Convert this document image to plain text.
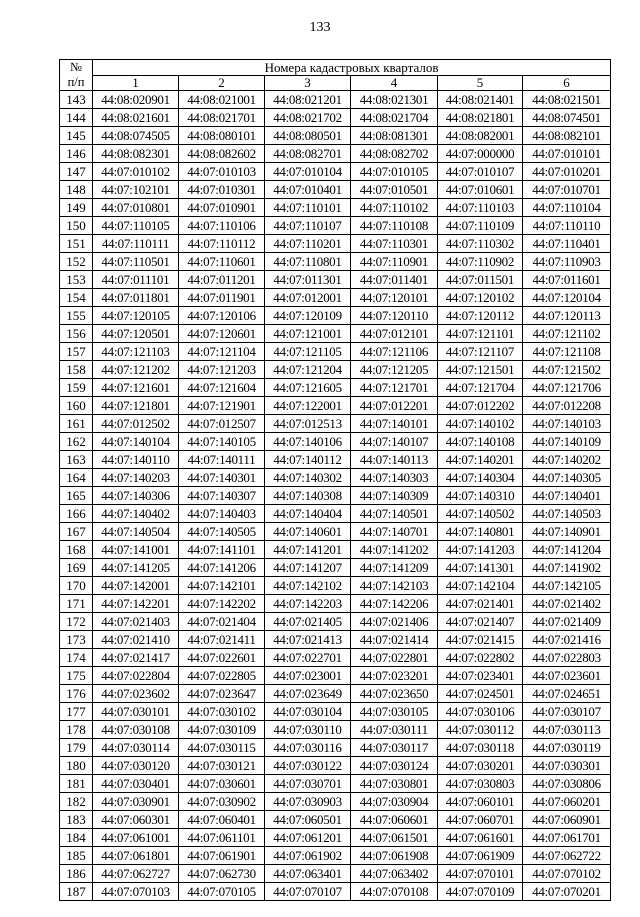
133
№
п/п	Номера кадастровых кварталов					
	1	2	3	4	5	6
143	44:08:020901	44:08:021001	44:08:021201	44:08:021301	44:08:021401	44:08:021501
144	44:08:021601	44:08:021701	44:08:021702	44:08:021704	44:08:021801	44:08:074501
145	44:08:074505	44:08:080101	44:08:080501	44:08:081301	44:08:082001	44:08:082101
146	44:08:082301	44:08:082602	44:08:082701	44:08:082702	44:07:000000	44:07:010101
147	44:07:010102	44:07:010103	44:07:010104	44:07:010105	44:07:010107	44:07:010201
148	44:07:102101	44:07:010301	44:07:010401	44:07:010501	44:07:010601	44:07:010701
149	44:07:010801	44:07:010901	44:07:110101	44:07:110102	44:07:110103	44:07:110104
150	44:07:110105	44:07:110106	44:07:110107	44:07:110108	44:07:110109	44:07:110110
151	44:07:110111	44:07:110112	44:07:110201	44:07:110301	44:07:110302	44:07:110401
152	44:07:110501	44:07:110601	44:07:110801	44:07:110901	44:07:110902	44:07:110903
153	44:07:011101	44:07:011201	44:07:011301	44:07:011401	44:07:011501	44:07:011601
154	44:07:011801	44:07:011901	44:07:012001	44:07:120101	44:07:120102	44:07:120104
155	44:07:120105	44:07:120106	44:07:120109	44:07:120110	44:07:120112	44:07:120113
156	44:07:120501	44:07:120601	44:07:121001	44:07:012101	44:07:121101	44:07:121102
157	44:07:121103	44:07:121104	44:07:121105	44:07:121106	44:07:121107	44:07:121108
158	44:07:121202	44:07:121203	44:07:121204	44:07:121205	44:07:121501	44:07:121502
159	44:07:121601	44:07:121604	44:07:121605	44:07:121701	44:07:121704	44:07:121706
160	44:07:121801	44:07:121901	44:07:122001	44:07:012201	44:07:012202	44:07:012208
161	44:07:012502	44:07:012507	44:07:012513	44:07:140101	44:07:140102	44:07:140103
162	44:07:140104	44:07:140105	44:07:140106	44:07:140107	44:07:140108	44:07:140109
163	44:07:140110	44:07:140111	44:07:140112	44:07:140113	44:07:140201	44:07:140202
164	44:07:140203	44:07:140301	44:07:140302	44:07:140303	44:07:140304	44:07:140305
165	44:07:140306	44:07:140307	44:07:140308	44:07:140309	44:07:140310	44:07:140401
166	44:07:140402	44:07:140403	44:07:140404	44:07:140501	44:07:140502	44:07:140503
167	44:07:140504	44:07:140505	44:07:140601	44:07:140701	44:07:140801	44:07:140901
168	44:07:141001	44:07:141101	44:07:141201	44:07:141202	44:07:141203	44:07:141204
169	44:07:141205	44:07:141206	44:07:141207	44:07:141209	44:07:141301	44:07:141902
170	44:07:142001	44:07:142101	44:07:142102	44:07:142103	44:07:142104	44:07:142105
171	44:07:142201	44:07:142202	44:07:142203	44:07:142206	44:07:021401	44:07:021402
172	44:07:021403	44:07:021404	44:07:021405	44:07:021406	44:07:021407	44:07:021409
173	44:07:021410	44:07:021411	44:07:021413	44:07:021414	44:07:021415	44:07:021416
174	44:07:021417	44:07:022601	44:07:022701	44:07:022801	44:07:022802	44:07:022803
175	44:07:022804	44:07:022805	44:07:023001	44:07:023201	44:07:023401	44:07:023601
176	44:07:023602	44:07:023647	44:07:023649	44:07:023650	44:07:024501	44:07:024651
177	44:07:030101	44:07:030102	44:07:030104	44:07:030105	44:07:030106	44:07:030107
178	44:07:030108	44:07:030109	44:07:030110	44:07:030111	44:07:030112	44:07:030113
179	44:07:030114	44:07:030115	44:07:030116	44:07:030117	44:07:030118	44:07:030119
180	44:07:030120	44:07:030121	44:07:030122	44:07:030124	44:07:030201	44:07:030301
181	44:07:030401	44:07:030601	44:07:030701	44:07:030801	44:07:030803	44:07:030806
182	44:07:030901	44:07:030902	44:07:030903	44:07:030904	44:07:060101	44:07:060201
183	44:07:060301	44:07:060401	44:07:060501	44:07:060601	44:07:060701	44:07:060901
184	44:07:061001	44:07:061101	44:07:061201	44:07:061501	44:07:061601	44:07:061701
185	44:07:061801	44:07:061901	44:07:061902	44:07:061908	44:07:061909	44:07:062722
186	44:07:062727	44:07:062730	44:07:063401	44:07:063402	44:07:070101	44:07:070102
187	44:07:070103	44:07:070105	44:07:070107	44:07:070108	44:07:070109	44:07:070201
